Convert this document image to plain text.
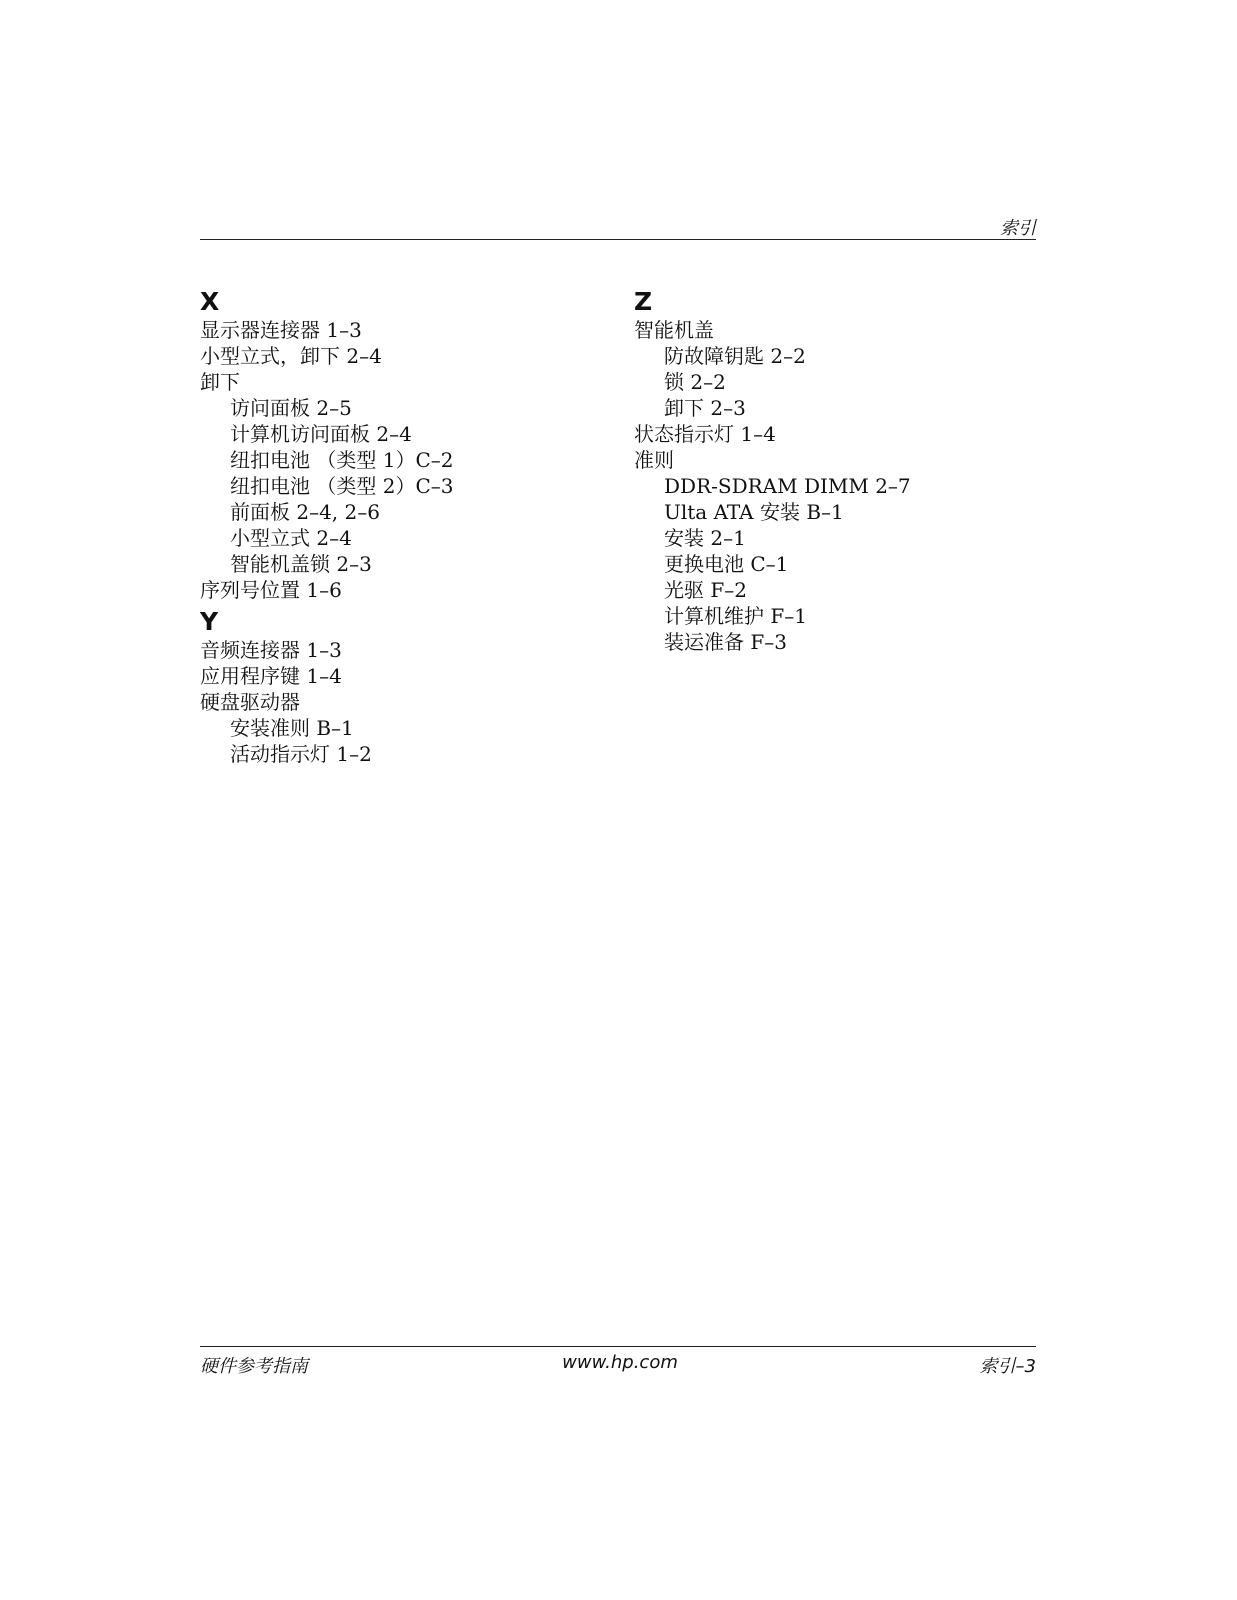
索引
X
显示器连接器 1–3
小型立式，卸下 2–4
卸下
访问面板 2–5
计算机访问面板 2–4
纽扣电池 （类型 1）C–2
纽扣电池 （类型 2）C–3
前面板 2–4, 2–6
小型立式 2–4
智能机盖锁 2–3
序列号位置 1–6
Y
音频连接器 1–3
应用程序键 1–4
硬盘驱动器
安装准则 B–1
活动指示灯 1–2
Z
智能机盖
防故障钥匙 2–2
锁 2–2
卸下 2–3
状态指示灯 1–4
准则
DDR-SDRAM DIMM 2–7
Ulta ATA 安装 B–1
安装 2–1
更换电池 C–1
光驱 F–2
计算机维护 F–1
装运准备 F–3
硬件参考指南	www.hp.com	索引–3
